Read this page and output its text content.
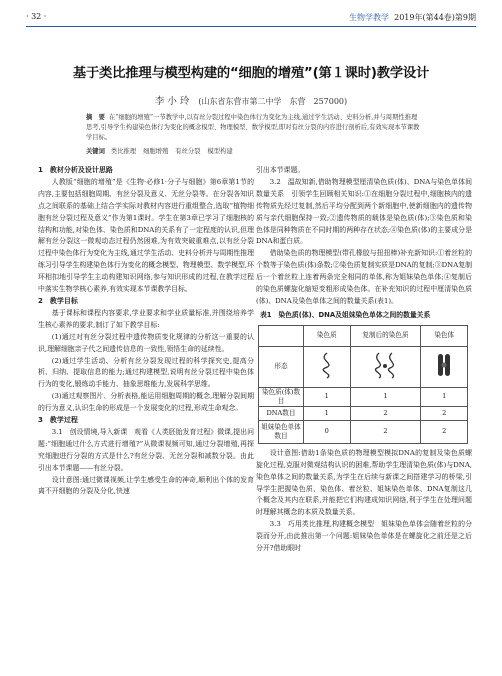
· 32 ·	生物学教学 2019年(第44卷)第9期
基于类比推理与模型构建的“细胞的增殖”(第１课时)教学设计
李小玲 (山东省东营市第二中学　东营　257000)
摘　要 在“细胞的增殖”一节教学中,以有丝分裂过程中染色体行为变化为主线,通过学生活动、史料分析,并与周期性推理思考,引导学生构建染色体行为变化的概念模型、物理模型、数学模型,即对有丝分裂的内容进行剖析后,有效实现本节课教学目标。
关键词 类比推理 细胞增殖 有丝分裂 模型构建
1　教材分析及设计思路

人教版“细胞的增殖”是《生物·必修1·分子与细胞》第6章第1节的内容,主要包括细胞周期、有丝分裂及意义、无丝分裂等。在分裂各知识点之间联系的基础上结合学实际对教材内容进行重组整合,选取“植物细胞有丝分裂过程及意义”作为第1课时。学生在第3章已学习了细胞核的结构和功能,对染色体、染色质和DNA的关系有了一定程度的认识,但理解有丝分裂这一微观动态过程仍然困难,为有效突破重难点,以有丝分裂过程中染色体行为变化为主线,通过学生活动、史料分析并与周期性推理练习引导学生构建染色体行为变化的概念模型、物理模型、数学模型,环环相扣地引导学生主动构建知识网络,参与知识形成的过程,在教学过程中落实生物学核心素养,有效实现本节课教学目标。

2　教学目标

基于课标和课程内容要求,学业要求和学业质量标准,并围绕培养学生核心素养的要求,制订了如下教学目标:

(1)通过对有丝分裂过程中遗传物质变化规律的分析这一重要的认识,理解细胞亲子代之间遗传信息的一致性,领悟生命的延续性。

(2)通过学生活动、分析有丝分裂发现过程的科学探究史,提高分析、归纳、提取信息的能力;通过构建模型,说明有丝分裂过程中染色体行为的变化,锻炼动手能力、抽象思维能力,发展科学思维。

(3)通过观察图片、分析表格,能运用细胞周期的概念,理解分裂间期的行为意义,认识生命的形成是一个发展变化的过程,形成生命观念。

3　教学过程

3.1　创设情境,导入新课　观看《人类胚胎发育过程》微课,提出问题:“细胞通过什么方式进行增殖?”从微课视频可知,通过分裂增殖,再探究细胞进行分裂的方式是什么?有丝分裂、无丝分裂和减数分裂。由此引出本节课题——有丝分裂。

设计意图:通过微课视频,让学生感受生命的神奇,顺利出个体的发育离不开细胞的分裂及分化,快速

引出本节课题。

3.2　温故知新,借助物理模型厘清染色质(体)、DNA与染色单体间数量关系　引领学生回顾相关知识:①在细胞分裂过程中,细胞核内的遗传物质先经过复制,然后平均分配到两个新细胞中,使新细胞内的遗传物质与亲代细胞保持一致;②遗传物质的载体是染色质(体);③染色质和染色体是同种物质在不同时期的两种存在状态;④染色质(体)的主要成分是DNA和蛋白质。

借助染色质的物理模型(带孔橡胶与扭扭棒)补充新知识:①着丝粒的个数等于染色质(体)条数;②染色质复制实质是DNA的复制;③DNA复制后一个着丝粒上连着两条完全相同的单体,称为姐妹染色单体;④复制后的染色质螺旋化缩短变粗形成染色体。在补充知识的过程中厘清染色质(体)、DNA及染色单体之间的数量关系(表1)。

表1　染色质(体)、DNA及姐妹染色单体之间的数量关系
	染色质	复制后的染色质	染色体
形态			
染色质(体)数目	1	1	1
DNA数目	1	2	2
姐妹染色单体数目	0	2	2

设计意图:借助1条染色质的物理模型模拟DNA的复制及染色质螺旋化过程,克服对微观结构认识的困难,帮助学生理清染色质(体)与DNA,染色单体之间的数量关系,为学生在后续与新课之间搭建学习的桥梁,引导学生把握染色质、染色体、着丝粒、姐妹染色单体、DNA复制这几个概念及其内在联系,并能把它们构建成知识网络,利于学生在处理问题时理解其概念的本质及数量关系。

3.3　巧用类比推理,构建概念模型　姐妹染色单体会随着丝粒的分裂而分开,由此推出第一个问题:姐妹染色单体是在螺旋化之前还是之后分开?借助眼时
